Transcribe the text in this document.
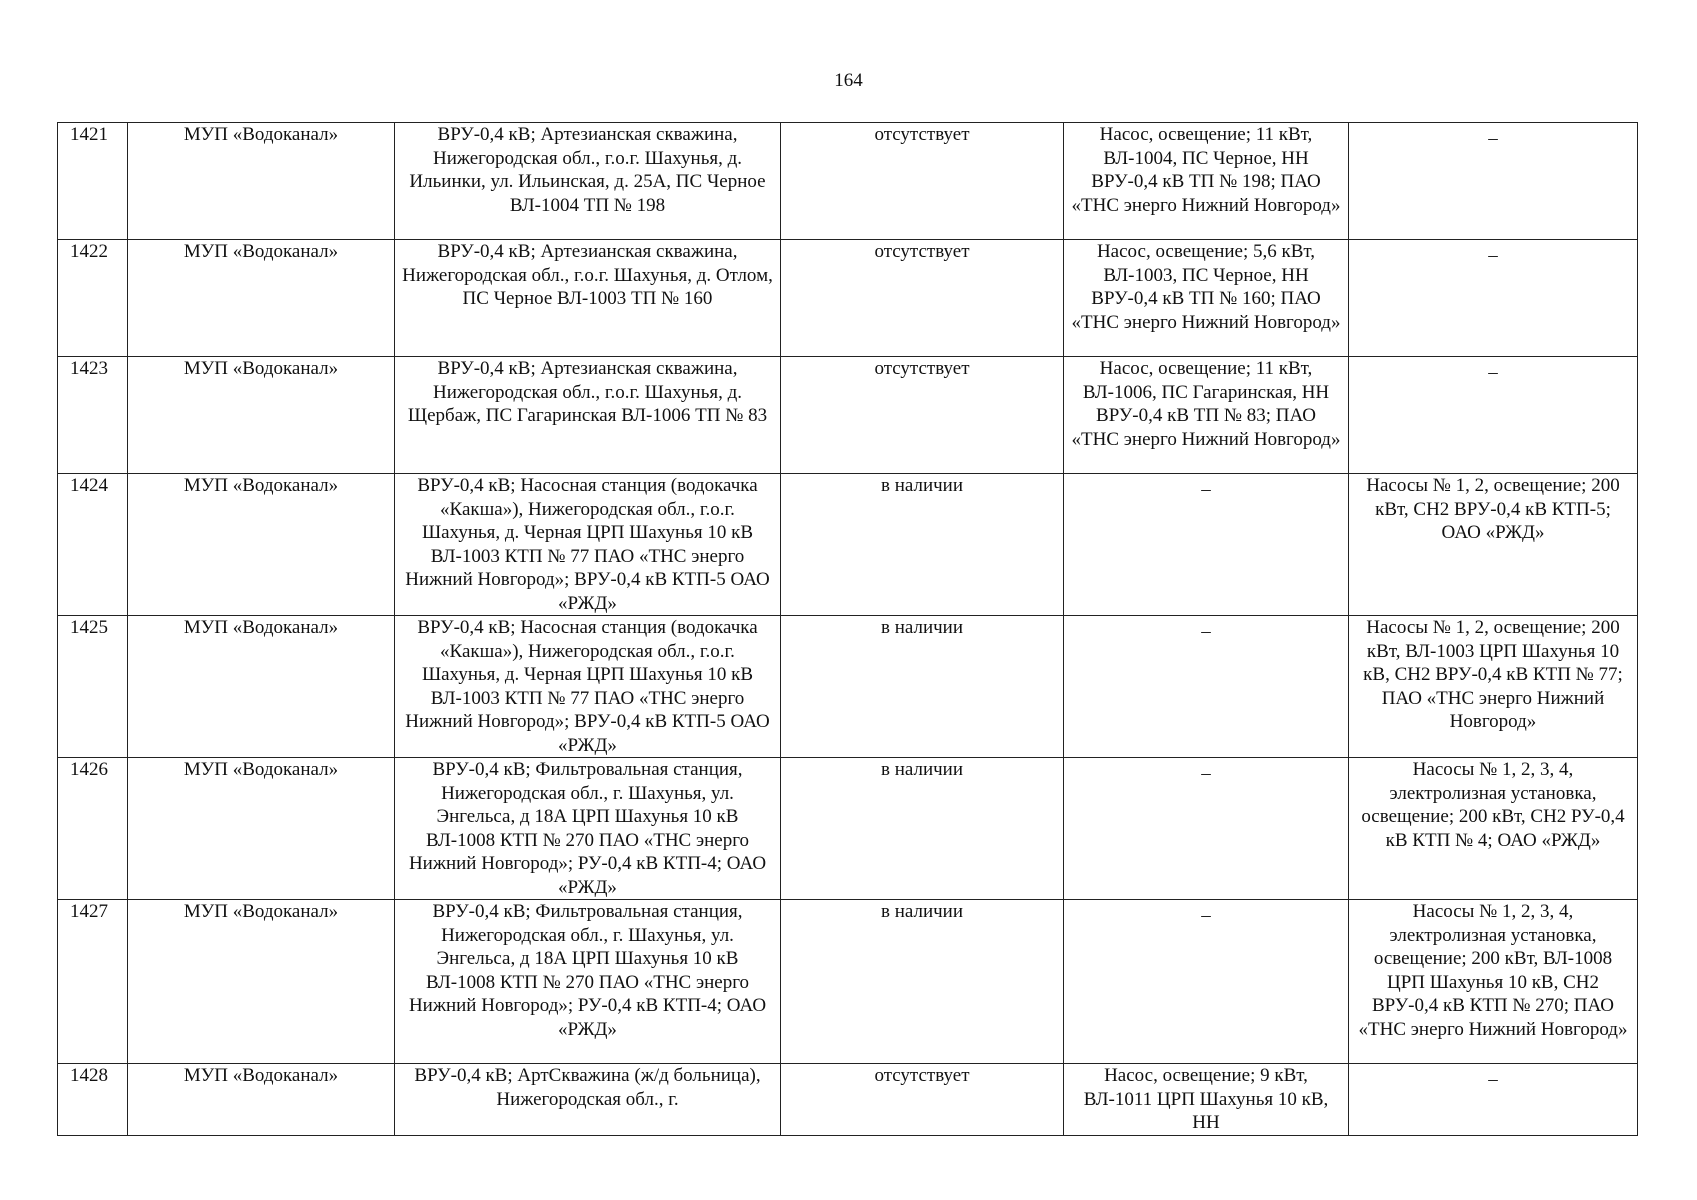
164
1421	МУП «Водоканал»	ВРУ-0,4 кВ; Артезианская скважина, Нижегородская обл., г.о.г. Шахунья, д. Ильинки, ул. Ильинская, д. 25А, ПС Черное ВЛ-1004 ТП № 198	отсутствует	Насос, освещение; 11 кВт, ВЛ-1004, ПС Черное, НН ВРУ-0,4 кВ ТП № 198; ПАО «ТНС энерго Нижний Новгород»	–
1422	МУП «Водоканал»	ВРУ-0,4 кВ; Артезианская скважина, Нижегородская обл., г.о.г. Шахунья, д. Отлом, ПС Черное ВЛ-1003 ТП № 160	отсутствует	Насос, освещение; 5,6 кВт, ВЛ-1003, ПС Черное, НН ВРУ-0,4 кВ ТП № 160; ПАО «ТНС энерго Нижний Новгород»	–
1423	МУП «Водоканал»	ВРУ-0,4 кВ; Артезианская скважина, Нижегородская обл., г.о.г. Шахунья, д. Щербаж, ПС Гагаринская ВЛ-1006 ТП № 83	отсутствует	Насос, освещение; 11 кВт, ВЛ-1006, ПС Гагаринская, НН ВРУ-0,4 кВ ТП № 83; ПАО «ТНС энерго Нижний Новгород»	–
1424	МУП «Водоканал»	ВРУ-0,4 кВ; Насосная станция (водокачка «Какша»), Нижегородская обл., г.о.г. Шахунья, д. Черная ЦРП Шахунья 10 кВ ВЛ-1003 КТП № 77 ПАО «ТНС энерго Нижний Новгород»; ВРУ-0,4 кВ КТП-5 ОАО «РЖД»	в наличии	–	Насосы № 1, 2, освещение; 200 кВт, СН2 ВРУ-0,4 кВ КТП-5; ОАО «РЖД»
1425	МУП «Водоканал»	ВРУ-0,4 кВ; Насосная станция (водокачка «Какша»), Нижегородская обл., г.о.г. Шахунья, д. Черная ЦРП Шахунья 10 кВ ВЛ-1003 КТП № 77 ПАО «ТНС энерго Нижний Новгород»; ВРУ-0,4 кВ КТП-5 ОАО «РЖД»	в наличии	–	Насосы № 1, 2, освещение; 200 кВт, ВЛ-1003 ЦРП Шахунья 10 кВ, СН2 ВРУ-0,4 кВ КТП № 77; ПАО «ТНС энерго Нижний Новгород»
1426	МУП «Водоканал»	ВРУ-0,4 кВ; Фильтровальная станция, Нижегородская обл., г. Шахунья, ул. Энгельса, д 18А ЦРП Шахунья 10 кВ ВЛ-1008 КТП № 270 ПАО «ТНС энерго Нижний Новгород»; РУ-0,4 кВ КТП-4; ОАО «РЖД»	в наличии	–	Насосы № 1, 2, 3, 4, электролизная установка, освещение; 200 кВт, СН2 РУ-0,4 кВ КТП № 4; ОАО «РЖД»
1427	МУП «Водоканал»	ВРУ-0,4 кВ; Фильтровальная станция, Нижегородская обл., г. Шахунья, ул. Энгельса, д 18А ЦРП Шахунья 10 кВ ВЛ-1008 КТП № 270 ПАО «ТНС энерго Нижний Новгород»; РУ-0,4 кВ КТП-4; ОАО «РЖД»	в наличии	–	Насосы № 1, 2, 3, 4, электролизная установка, освещение; 200 кВт, ВЛ-1008 ЦРП Шахунья 10 кВ, СН2 ВРУ-0,4 кВ КТП № 270; ПАО «ТНС энерго Нижний Новгород»
1428	МУП «Водоканал»	ВРУ-0,4 кВ; АртСкважина (ж/д больница), Нижегородская обл., г.	отсутствует	Насос, освещение; 9 кВт, ВЛ-1011 ЦРП Шахунья 10 кВ, НН	–
